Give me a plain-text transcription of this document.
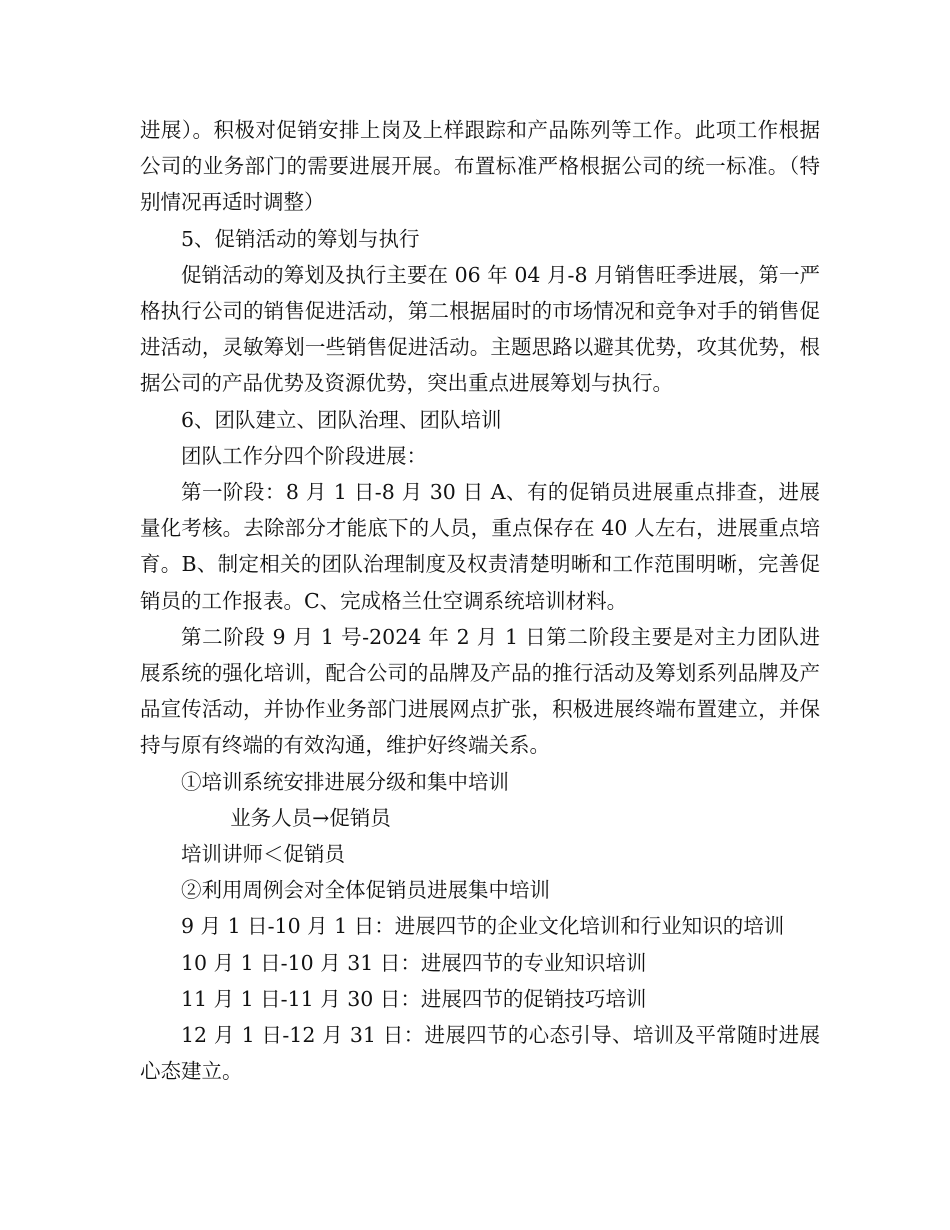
进展）。积极对促销安排上岗及上样跟踪和产品陈列等工作。此项工作根据公司的业务部门的需要进展开展。布置标准严格根据公司的统一标准。（特别情况再适时调整）

5、促销活动的筹划与执行

促销活动的筹划及执行主要在 06 年 04 月-8 月销售旺季进展，第一严格执行公司的销售促进活动，第二根据届时的市场情况和竞争对手的销售促进活动，灵敏筹划一些销售促进活动。主题思路以避其优势，攻其优势，根据公司的产品优势及资源优势，突出重点进展筹划与执行。

6、团队建立、团队治理、团队培训

团队工作分四个阶段进展：

第一阶段：8 月 1 日-8 月 30 日 A、有的促销员进展重点排查，进展量化考核。去除部分才能底下的人员，重点保存在 40 人左右，进展重点培育。B、制定相关的团队治理制度及权责清楚明晰和工作范围明晰，完善促销员的工作报表。C、完成格兰仕空调系统培训材料。

第二阶段 9 月 1 号-2024 年 2 月 1 日第二阶段主要是对主力团队进展系统的强化培训，配合公司的品牌及产品的推行活动及筹划系列品牌及产品宣传活动，并协作业务部门进展网点扩张，积极进展终端布置建立，并保持与原有终端的有效沟通，维护好终端关系。

①培训系统安排进展分级和集中培训

业务人员→促销员

培训讲师＜促销员

②利用周例会对全体促销员进展集中培训

9 月 1 日-10 月 1 日：进展四节的企业文化培训和行业知识的培训

10 月 1 日-10 月 31 日：进展四节的专业知识培训

11 月 1 日-11 月 30 日：进展四节的促销技巧培训

12 月 1 日-12 月 31 日：进展四节的心态引导、培训及平常随时进展心态建立。
